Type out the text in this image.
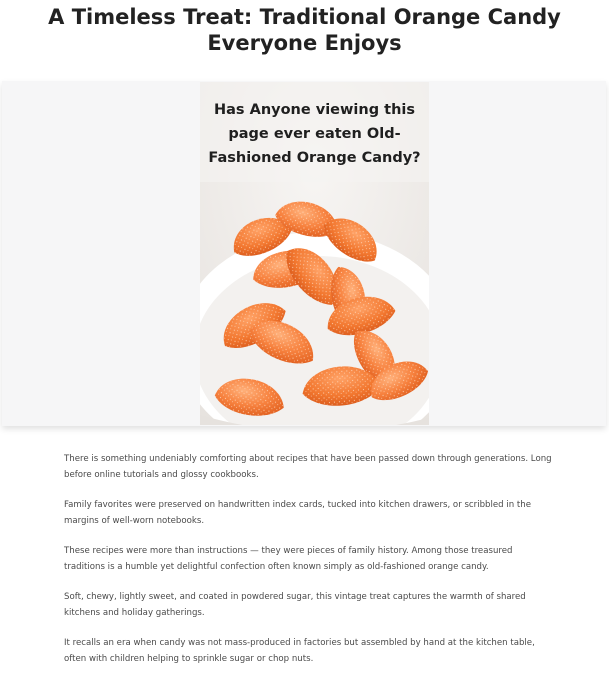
A Timeless Treat: Traditional Orange Candy Everyone Enjoys

Has Anyone viewing this page ever eaten Old-Fashioned Orange Candy?

There is something undeniably comforting about recipes that have been passed down through generations. Long before online tutorials and glossy cookbooks.

Family favorites were preserved on handwritten index cards, tucked into kitchen drawers, or scribbled in the margins of well-worn notebooks.

These recipes were more than instructions — they were pieces of family history. Among those treasured traditions is a humble yet delightful confection often known simply as old-fashioned orange candy.

Soft, chewy, lightly sweet, and coated in powdered sugar, this vintage treat captures the warmth of shared kitchens and holiday gatherings.

It recalls an era when candy was not mass-produced in factories but assembled by hand at the kitchen table, often with children helping to sprinkle sugar or chop nuts.
